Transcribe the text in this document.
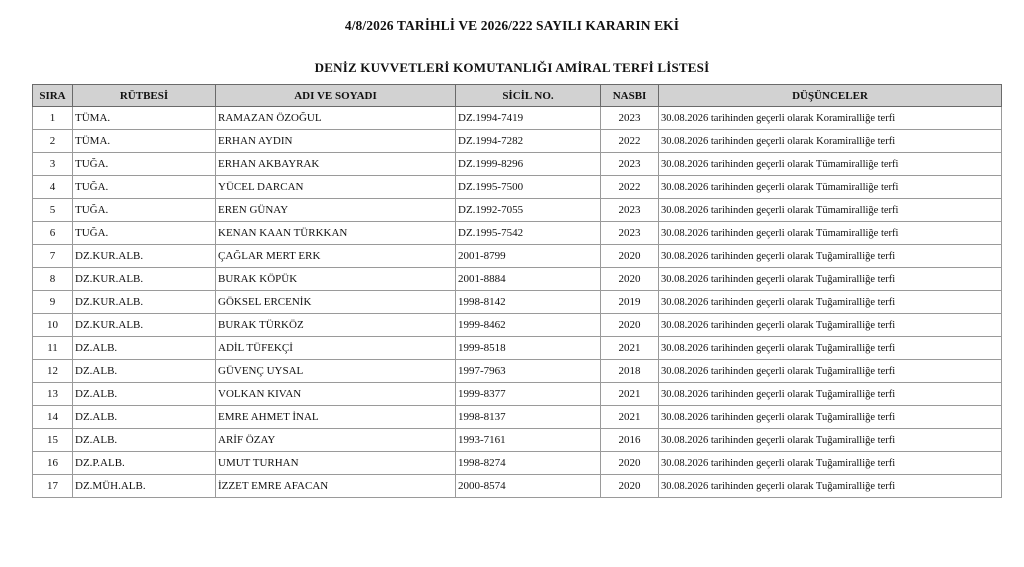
4/8/2026 TARİHLİ VE 2026/222 SAYILI KARARIN EKİ
DENİZ KUVVETLERİ KOMUTANLIĞI AMİRAL TERFİ LİSTESİ
SIRA	RÜTBESİ	ADI VE SOYADI	SİCİL NO.	NASBI	DÜŞÜNCELER
1	TÜMA.	RAMAZAN ÖZOĞUL	DZ.1994-7419	2023	30.08.2026 tarihinden geçerli olarak Koramiralliğe terfi
2	TÜMA.	ERHAN AYDIN	DZ.1994-7282	2022	30.08.2026 tarihinden geçerli olarak Koramiralliğe terfi
3	TUĞA.	ERHAN AKBAYRAK	DZ.1999-8296	2023	30.08.2026 tarihinden geçerli olarak Tümamiralliğe terfi
4	TUĞA.	YÜCEL DARCAN	DZ.1995-7500	2022	30.08.2026 tarihinden geçerli olarak Tümamiralliğe terfi
5	TUĞA.	EREN GÜNAY	DZ.1992-7055	2023	30.08.2026 tarihinden geçerli olarak Tümamiralliğe terfi
6	TUĞA.	KENAN KAAN TÜRKKAN	DZ.1995-7542	2023	30.08.2026 tarihinden geçerli olarak Tümamiralliğe terfi
7	DZ.KUR.ALB.	ÇAĞLAR MERT ERK	2001-8799	2020	30.08.2026 tarihinden geçerli olarak Tuğamiralliğe terfi
8	DZ.KUR.ALB.	BURAK KÖPÜK	2001-8884	2020	30.08.2026 tarihinden geçerli olarak Tuğamiralliğe terfi
9	DZ.KUR.ALB.	GÖKSEL ERCENİK	1998-8142	2019	30.08.2026 tarihinden geçerli olarak Tuğamiralliğe terfi
10	DZ.KUR.ALB.	BURAK TÜRKÖZ	1999-8462	2020	30.08.2026 tarihinden geçerli olarak Tuğamiralliğe terfi
11	DZ.ALB.	ADİL TÜFEKÇİ	1999-8518	2021	30.08.2026 tarihinden geçerli olarak Tuğamiralliğe terfi
12	DZ.ALB.	GÜVENÇ UYSAL	1997-7963	2018	30.08.2026 tarihinden geçerli olarak Tuğamiralliğe terfi
13	DZ.ALB.	VOLKAN KIVAN	1999-8377	2021	30.08.2026 tarihinden geçerli olarak Tuğamiralliğe terfi
14	DZ.ALB.	EMRE AHMET İNAL	1998-8137	2021	30.08.2026 tarihinden geçerli olarak Tuğamiralliğe terfi
15	DZ.ALB.	ARİF ÖZAY	1993-7161	2016	30.08.2026 tarihinden geçerli olarak Tuğamiralliğe terfi
16	DZ.P.ALB.	UMUT TURHAN	1998-8274	2020	30.08.2026 tarihinden geçerli olarak Tuğamiralliğe terfi
17	DZ.MÜH.ALB.	İZZET EMRE AFACAN	2000-8574	2020	30.08.2026 tarihinden geçerli olarak Tuğamiralliğe terfi
